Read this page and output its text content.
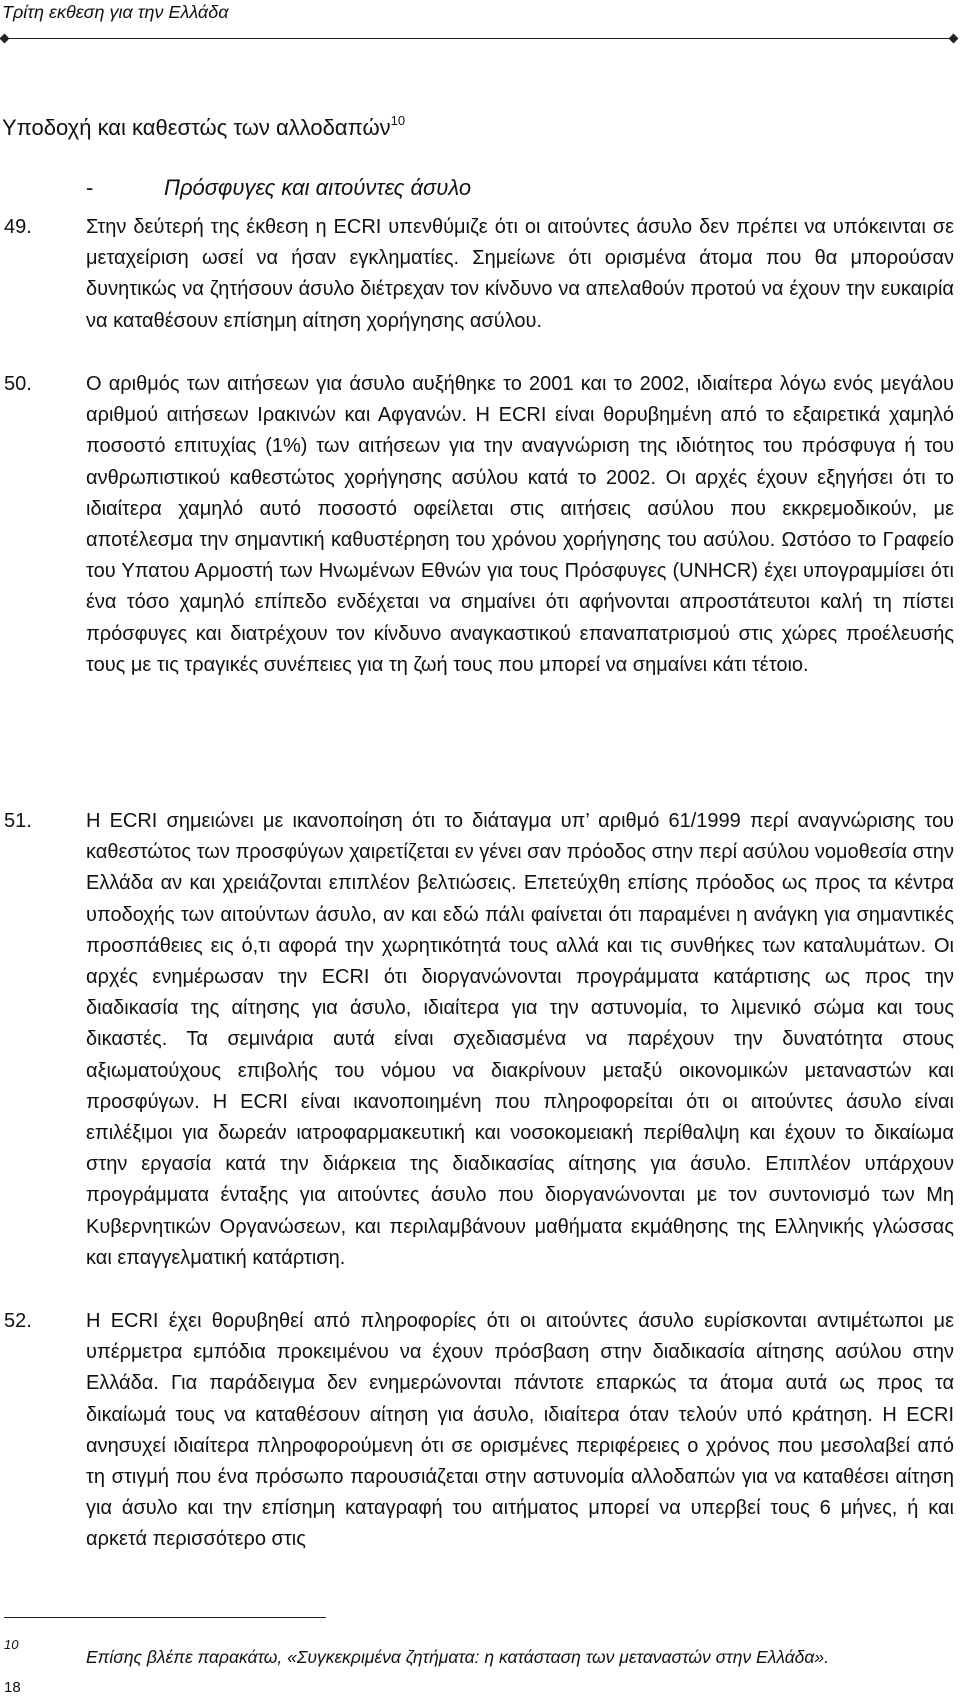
Τρίτη εκθεση για την Ελλάδα
Υποδοχή και καθεστώς των αλλοδαπών$^{10}$
-	Πρόσφυγες και αιτούντες άσυλο
49.	Στην δεύτερή της έκθεση η ECRI υπενθύμιζε ότι οι αιτούντες άσυλο δεν πρέπει να υπόκεινται σε μεταχείριση ωσεί να ήσαν εγκληματίες. Σημείωνε ότι ορισμένα άτομα που θα μπορούσαν δυνητικώς να ζητήσουν άσυλο διέτρεχαν τον κίνδυνο να απελαθούν προτού να έχουν την ευκαιρία να καταθέσουν επίσημη αίτηση χορήγησης ασύλου.
50.	Ο αριθμός των αιτήσεων για άσυλο αυξήθηκε το 2001 και το 2002, ιδιαίτερα λόγω ενός μεγάλου αριθμού αιτήσεων Ιρακινών και Αφγανών. Η ECRI είναι θορυβημένη από το εξαιρετικά χαμηλό ποσοστό επιτυχίας (1%) των αιτήσεων για την αναγνώριση της ιδιότητος του πρόσφυγα ή του ανθρωπιστικού καθεστώτος χορήγησης ασύλου κατά το 2002. Οι αρχές έχουν εξηγήσει ότι το ιδιαίτερα χαμηλό αυτό ποσοστό οφείλεται στις αιτήσεις ασύλου που εκκρεμοδικούν, με αποτέλεσμα την σημαντική καθυστέρηση του χρόνου χορήγησης του ασύλου. Ωστόσο το Γραφείο του Υπατου Αρμοστή των Ηνωμένων Εθνών για τους Πρόσφυγες (UNHCR) έχει υπογραμμίσει ότι ένα τόσο χαμηλό επίπεδο ενδέχεται να σημαίνει ότι αφήνονται απροστάτευτοι καλή τη πίστει πρόσφυγες και διατρέχουν τον κίνδυνο αναγκαστικού επαναπατρισμού στις χώρες προέλευσής τους με τις τραγικές συνέπειες για τη ζωή τους που μπορεί να σημαίνει κάτι τέτοιο.
51.	Η ECRI σημειώνει με ικανοποίηση ότι το διάταγμα υπ’ αριθμό 61/1999 περί αναγνώρισης του καθεστώτος των προσφύγων χαιρετίζεται εν γένει σαν πρόοδος στην περί ασύλου νομοθεσία στην Ελλάδα αν και χρειάζονται επιπλέον βελτιώσεις. Επετεύχθη επίσης πρόοδος ως προς τα κέντρα υποδοχής των αιτούντων άσυλο, αν και εδώ πάλι φαίνεται ότι παραμένει η ανάγκη για σημαντικές προσπάθειες εις ό,τι αφορά την χωρητικότητά τους αλλά και τις συνθήκες των καταλυμάτων. Οι αρχές ενημέρωσαν την ECRI ότι διοργανώνονται προγράμματα κατάρτισης ως προς την διαδικασία της αίτησης για άσυλο, ιδιαίτερα για την αστυνομία, το λιμενικό σώμα και τους δικαστές. Τα σεμινάρια αυτά είναι σχεδιασμένα να παρέχουν την δυνατότητα στους αξιωματούχους επιβολής του νόμου να διακρίνουν μεταξύ οικονομικών μεταναστών και προσφύγων. Η ECRI είναι ικανοποιημένη που πληροφορείται ότι οι αιτούντες άσυλο είναι επιλέξιμοι για δωρεάν ιατροφαρμακευτική και νοσοκομειακή περίθαλψη και έχουν το δικαίωμα στην εργασία κατά την διάρκεια της διαδικασίας αίτησης για άσυλο. Επιπλέον υπάρχουν προγράμματα ένταξης για αιτούντες άσυλο που διοργανώνονται με τον συντονισμό των Μη Κυβερνητικών Οργανώσεων, και περιλαμβάνουν μαθήματα εκμάθησης της Ελληνικής γλώσσας και επαγγελματική κατάρτιση.
52.	Η ECRI έχει θορυβηθεί από πληροφορίες ότι οι αιτούντες άσυλο ευρίσκονται αντιμέτωποι με υπέρμετρα εμπόδια προκειμένου να έχουν πρόσβαση στην διαδικασία αίτησης ασύλου στην Ελλάδα. Για παράδειγμα δεν ενημερώνονται πάντοτε επαρκώς τα άτομα αυτά ως προς τα δικαίωμά τους να καταθέσουν αίτηση για άσυλο, ιδιαίτερα όταν τελούν υπό κράτηση. Η ECRI ανησυχεί ιδιαίτερα πληροφορούμενη ότι σε ορισμένες περιφέρειες ο χρόνος που μεσολαβεί από τη στιγμή που ένα πρόσωπο παρουσιάζεται στην αστυνομία αλλοδαπών για να καταθέσει αίτηση για άσυλο και την επίσημη καταγραφή του αιτήματος μπορεί να υπερβεί τους 6 μήνες, ή και αρκετά περισσότερο στις
10
Επίσης βλέπε παρακάτω, «Συγκεκριμένα ζητήματα: η κατάσταση των μεταναστών στην Ελλάδα».
18
